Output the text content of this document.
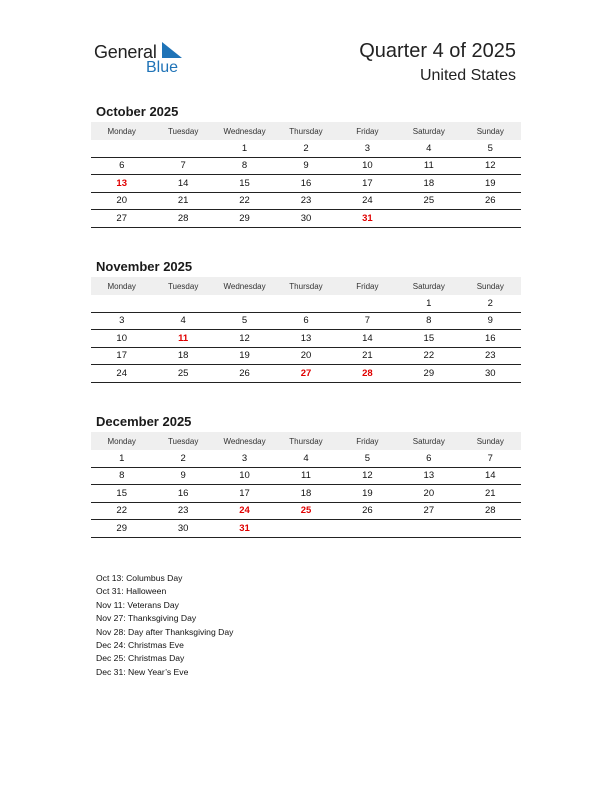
General
Blue
Quarter 4 of 2025
United States
October 2025
Monday	Tuesday	Wednesday	Thursday	Friday	Saturday	Sunday
		1	2	3	4	5
6	7	8	9	10	11	12
13	14	15	16	17	18	19
20	21	22	23	24	25	26
27	28	29	30	31		
November 2025
Monday	Tuesday	Wednesday	Thursday	Friday	Saturday	Sunday
					1	2
3	4	5	6	7	8	9
10	11	12	13	14	15	16
17	18	19	20	21	22	23
24	25	26	27	28	29	30
December 2025
Monday	Tuesday	Wednesday	Thursday	Friday	Saturday	Sunday
1	2	3	4	5	6	7
8	9	10	11	12	13	14
15	16	17	18	19	20	21
22	23	24	25	26	27	28
29	30	31				
Oct 13: Columbus Day
Oct 31: Halloween
Nov 11: Veterans Day
Nov 27: Thanksgiving Day
Nov 28: Day after Thanksgiving Day
Dec 24: Christmas Eve
Dec 25: Christmas Day
Dec 31: New Year’s Eve
